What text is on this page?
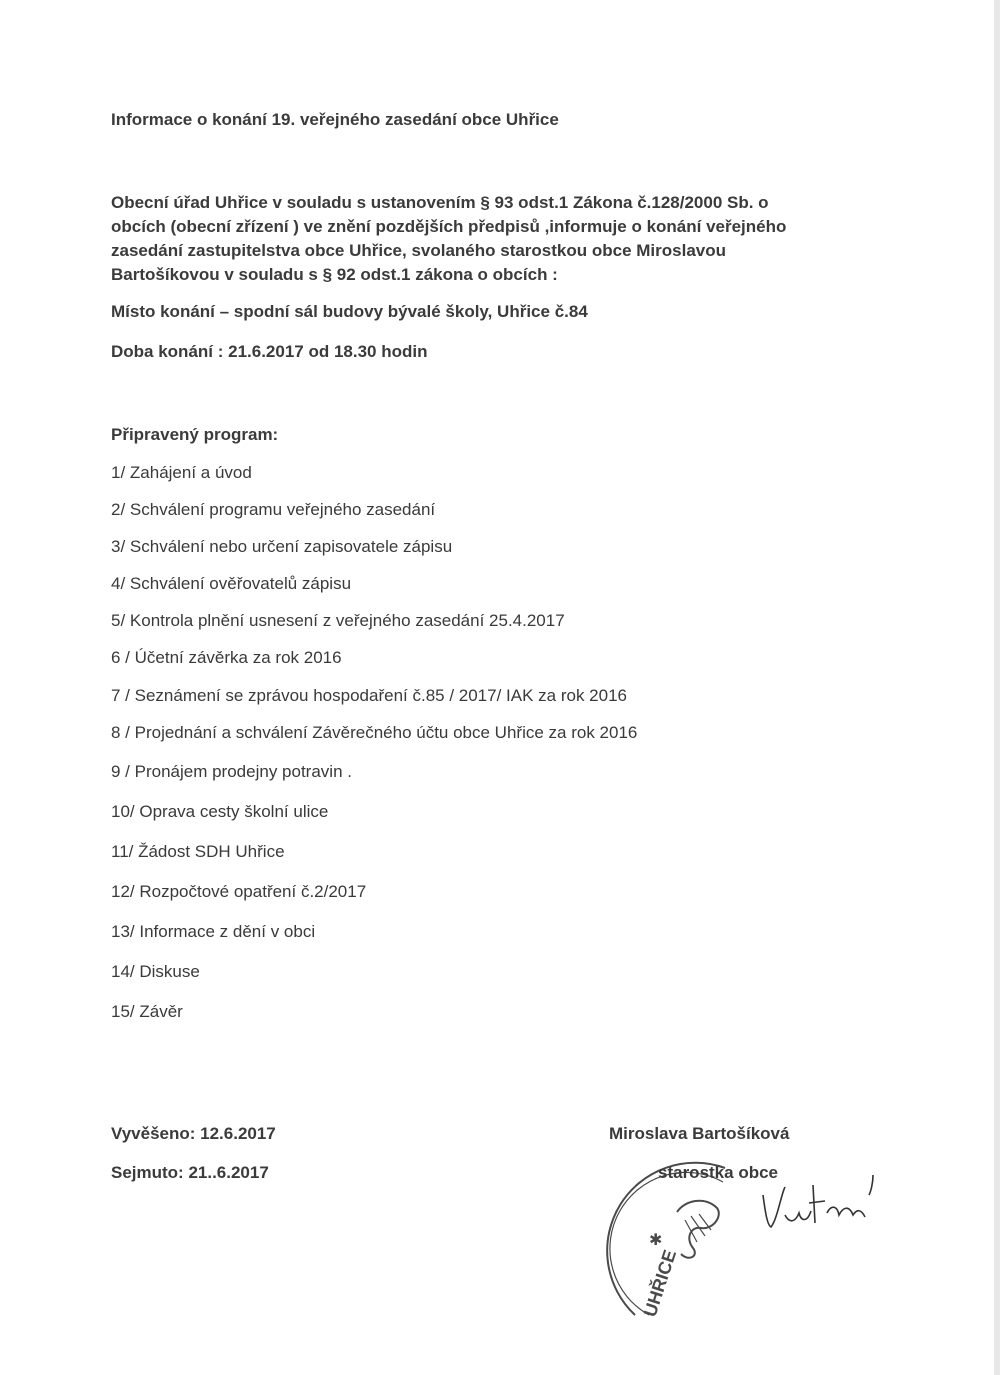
Informace o konání 19. veřejného zasedání obce Uhřice
Obecní úřad Uhřice v souladu s ustanovením § 93 odst.1 Zákona č.128/2000 Sb. o
obcích (obecní zřízení ) ve znění pozdějších předpisů ,informuje o konání veřejného
zasedání zastupitelstva obce Uhřice, svolaného starostkou obce Miroslavou
Bartošíkovou v souladu s § 92 odst.1 zákona o obcích :
Místo konání – spodní sál budovy bývalé školy, Uhřice č.84
Doba konání : 21.6.2017 od 18.30 hodin
Připravený program:
1/ Zahájení a úvod
2/ Schválení programu veřejného zasedání
3/ Schválení nebo určení zapisovatele zápisu
4/ Schválení ověřovatelů zápisu
5/ Kontrola plnění usnesení z veřejného zasedání 25.4.2017
6 / Účetní závěrka za rok 2016
7 / Seznámení se zprávou hospodaření č.85 / 2017/ IAK za rok 2016
8 / Projednání a schválení Závěrečného účtu obce Uhřice za rok 2016
9 / Pronájem prodejny potravin .
10/ Oprava cesty školní ulice
11/ Žádost SDH Uhřice
12/ Rozpočtové opatření č.2/2017
13/ Informace z dění v obci
14/ Diskuse
15/ Závěr
Vyvěšeno: 12.6.2017
Sejmuto: 21..6.2017
Miroslava Bartošíková
✱
UHŘICE
starostka obce
